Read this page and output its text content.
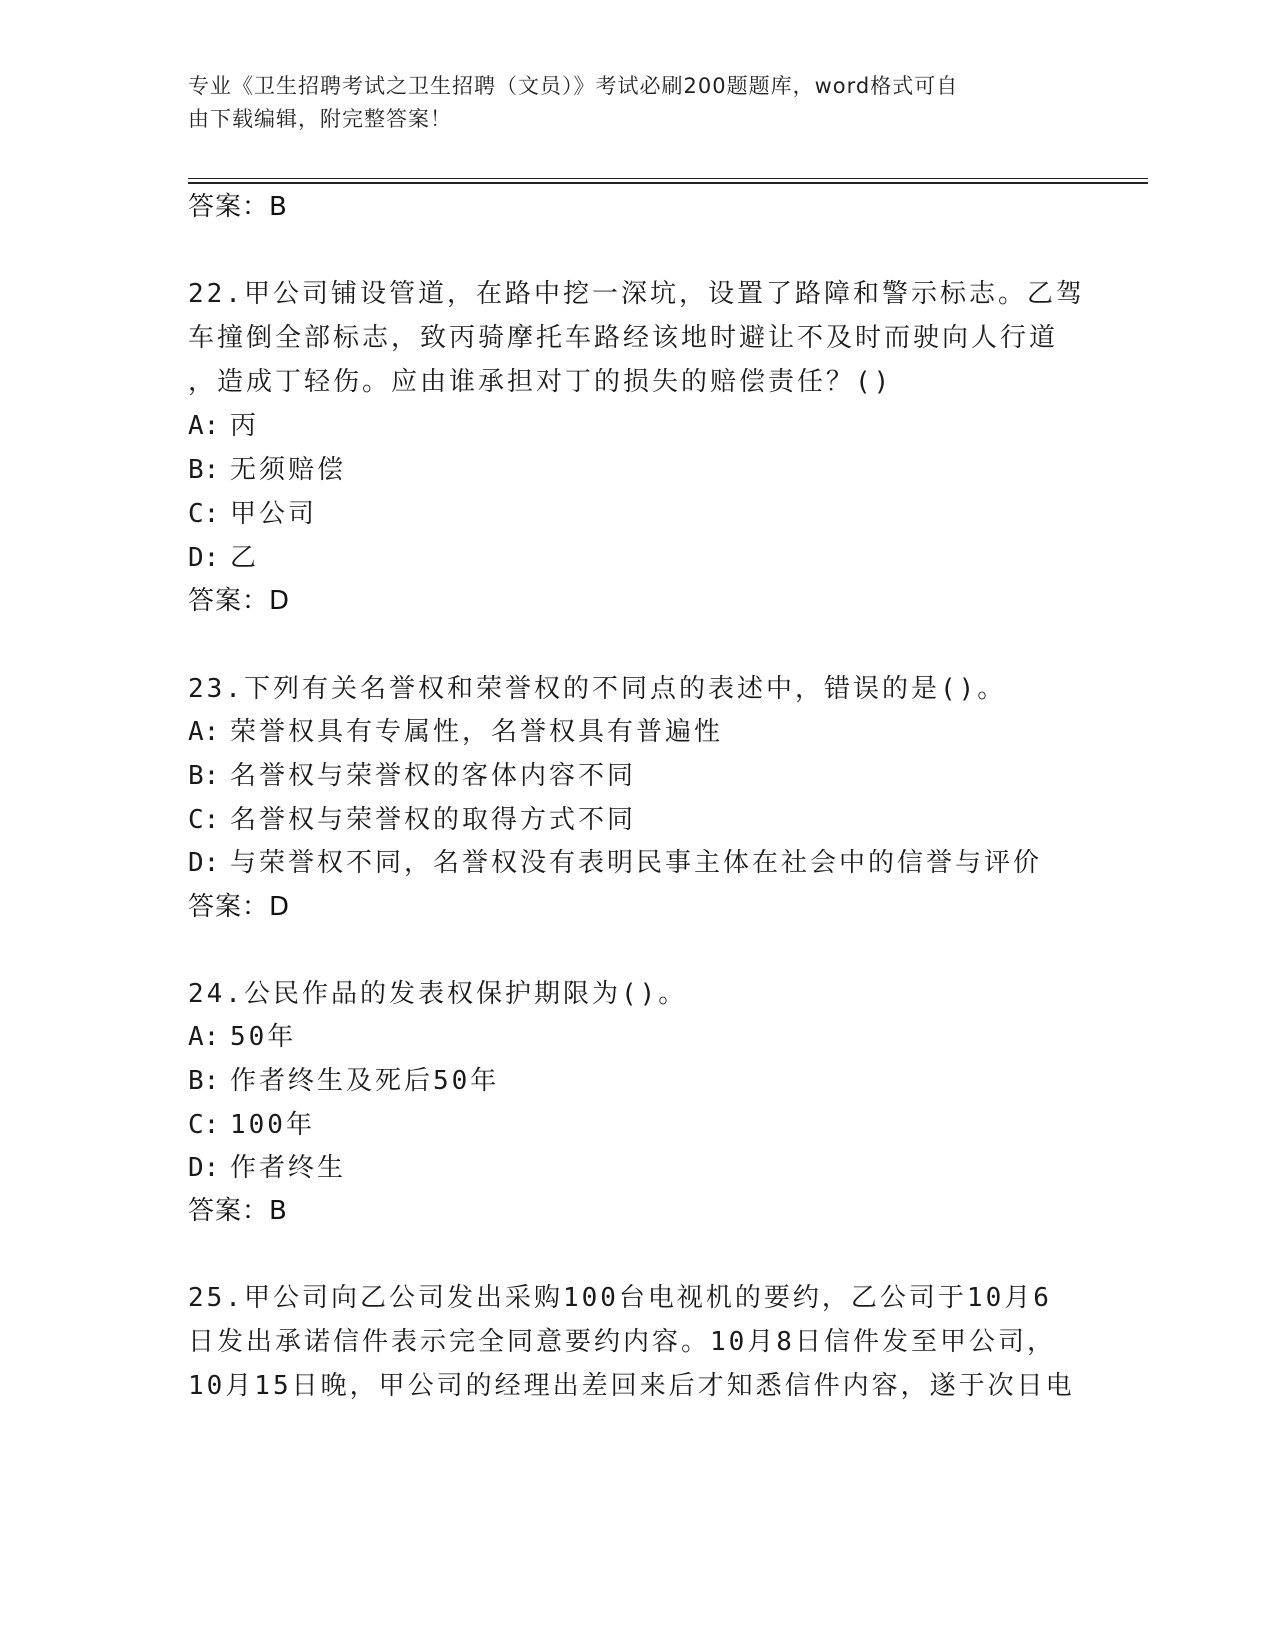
专业《卫生招聘考试之卫生招聘（文员）》考试必刷200题题库，word格式可自
由下载编辑，附完整答案！
答案：B
22.甲公司铺设管道，在路中挖一深坑，设置了路障和警示标志。乙驾
车撞倒全部标志，致丙骑摩托车路经该地时避让不及时而驶向人行道
，造成丁轻伤。应由谁承担对丁的损失的赔偿责任？()
A: 丙
B: 无须赔偿
C: 甲公司
D: 乙
答案：D
23.下列有关名誉权和荣誉权的不同点的表述中，错误的是()。
A: 荣誉权具有专属性，名誉权具有普遍性
B: 名誉权与荣誉权的客体内容不同
C: 名誉权与荣誉权的取得方式不同
D: 与荣誉权不同，名誉权没有表明民事主体在社会中的信誉与评价
答案：D
24.公民作品的发表权保护期限为()。
A: 50年
B: 作者终生及死后50年
C: 100年
D: 作者终生
答案：B
25.甲公司向乙公司发出采购100台电视机的要约，乙公司于10月6
日发出承诺信件表示完全同意要约内容。10月8日信件发至甲公司，
10月15日晚，甲公司的经理出差回来后才知悉信件内容，遂于次日电
